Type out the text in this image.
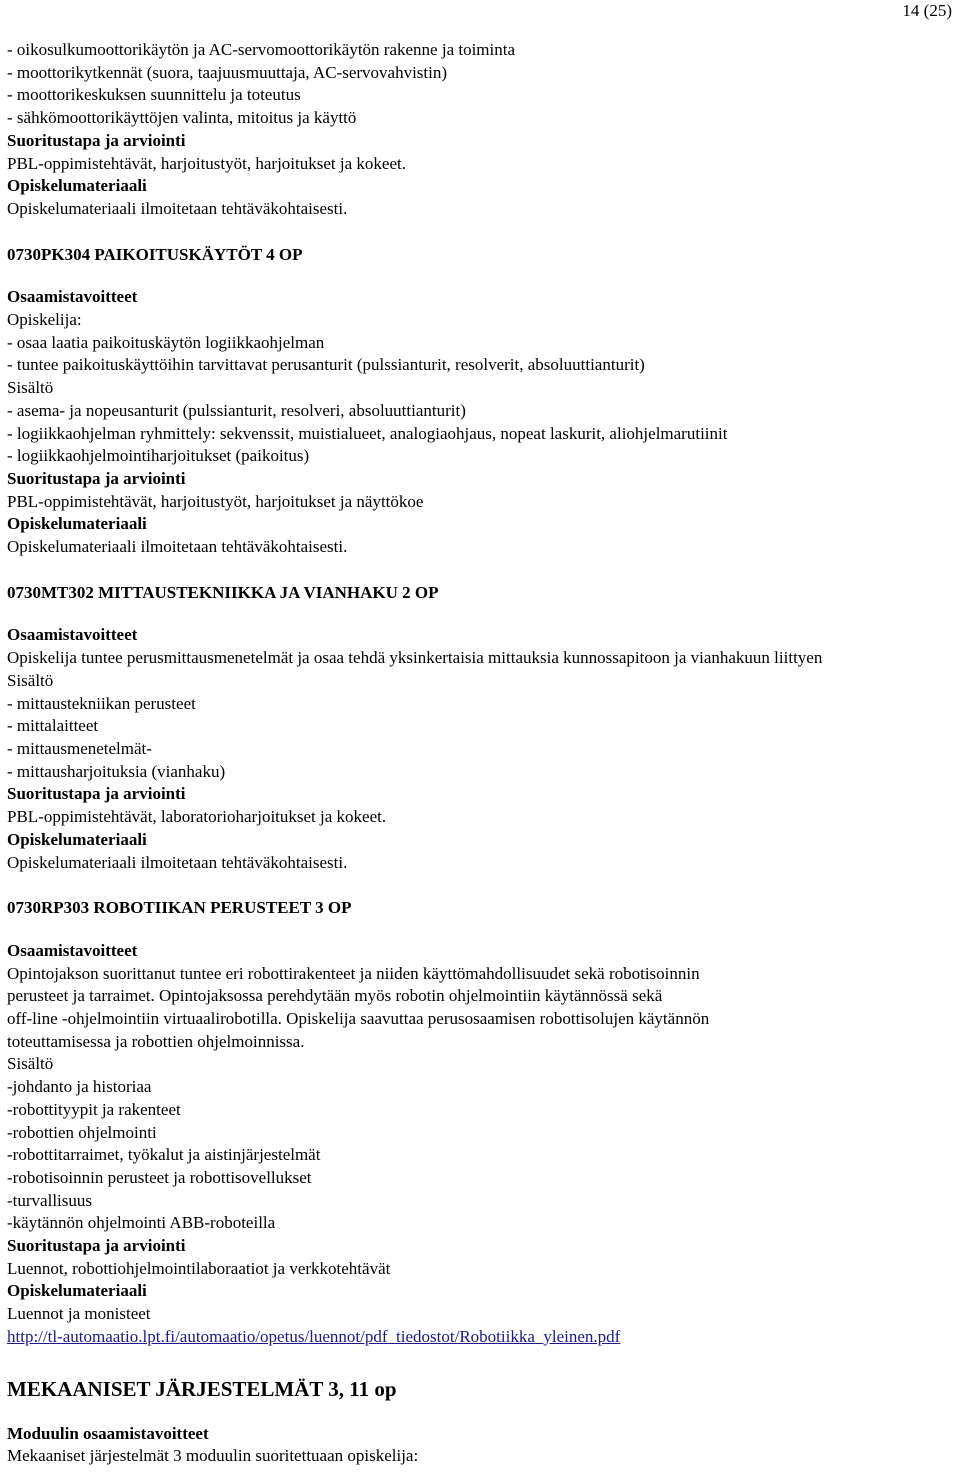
14 (25)
- oikosulkumoottorikäytön ja AC-servomoottorikäytön rakenne ja toiminta
- moottorikytkennät (suora, taajuusmuuttaja, AC-servovahvistin)
- moottorikeskuksen suunnittelu ja toteutus
- sähkömoottorikäyttöjen valinta, mitoitus ja käyttö
Suoritustapa ja arviointi
PBL-oppimistehtävät, harjoitustyöt, harjoitukset ja kokeet.
Opiskelumateriaali
Opiskelumateriaali ilmoitetaan tehtäväkohtaisesti.
0730PK304 PAIKOITUSKÄYTÖT 4 OP
Osaamistavoitteet
Opiskelija:
- osaa laatia paikoituskäytön logiikkaohjelman
- tuntee paikoituskäyttöihin tarvittavat perusanturit (pulssianturit, resolverit, absoluuttianturit)
Sisältö
- asema- ja nopeusanturit (pulssianturit, resolveri, absoluuttianturit)
- logiikkaohjelman ryhmittely: sekvenssit, muistialueet, analogiaohjaus, nopeat laskurit, aliohjelmarutiinit
- logiikkaohjelmointiharjoitukset (paikoitus)
Suoritustapa ja arviointi
PBL-oppimistehtävät, harjoitustyöt, harjoitukset ja näyttökoe
Opiskelumateriaali
Opiskelumateriaali ilmoitetaan tehtäväkohtaisesti.
0730MT302 MITTAUSTEKNIIKKA JA VIANHAKU 2 OP
Osaamistavoitteet
Opiskelija tuntee perusmittausmenetelmät ja osaa tehdä yksinkertaisia mittauksia kunnossapitoon ja vianhakuun liittyen
Sisältö
- mittaustekniikan perusteet
- mittalaitteet
- mittausmenetelmät-
- mittausharjoituksia (vianhaku)
Suoritustapa ja arviointi
PBL-oppimistehtävät, laboratorioharjoitukset ja kokeet.
Opiskelumateriaali
Opiskelumateriaali ilmoitetaan tehtäväkohtaisesti.
0730RP303 ROBOTIIKAN PERUSTEET 3 OP
Osaamistavoitteet
Opintojakson suorittanut tuntee eri robottirakenteet ja niiden käyttömahdollisuudet sekä robotisoinnin
perusteet ja tarraimet. Opintojaksossa perehdytään myös robotin ohjelmointiin käytännössä sekä
off-line -ohjelmointiin virtuaalirobotilla. Opiskelija saavuttaa perusosaamisen robottisolujen käytännön
toteuttamisessa ja robottien ohjelmoinnissa.
Sisältö
-johdanto ja historiaa
-robottityypit ja rakenteet
-robottien ohjelmointi
-robottitarraimet, työkalut ja aistinjärjestelmät
-robotisoinnin perusteet ja robottisovellukset
-turvallisuus
-käytännön ohjelmointi ABB-roboteilla
Suoritustapa ja arviointi
Luennot, robottiohjelmointilaboraatiot ja verkkotehtävät
Opiskelumateriaali
Luennot ja monisteet
http://tl-automaatio.lpt.fi/automaatio/opetus/luennot/pdf_tiedostot/Robotiikka_yleinen.pdf
MEKAANISET JÄRJESTELMÄT 3, 11 op
Moduulin osaamistavoitteet
Mekaaniset järjestelmät 3 moduulin suoritettuaan opiskelija:
